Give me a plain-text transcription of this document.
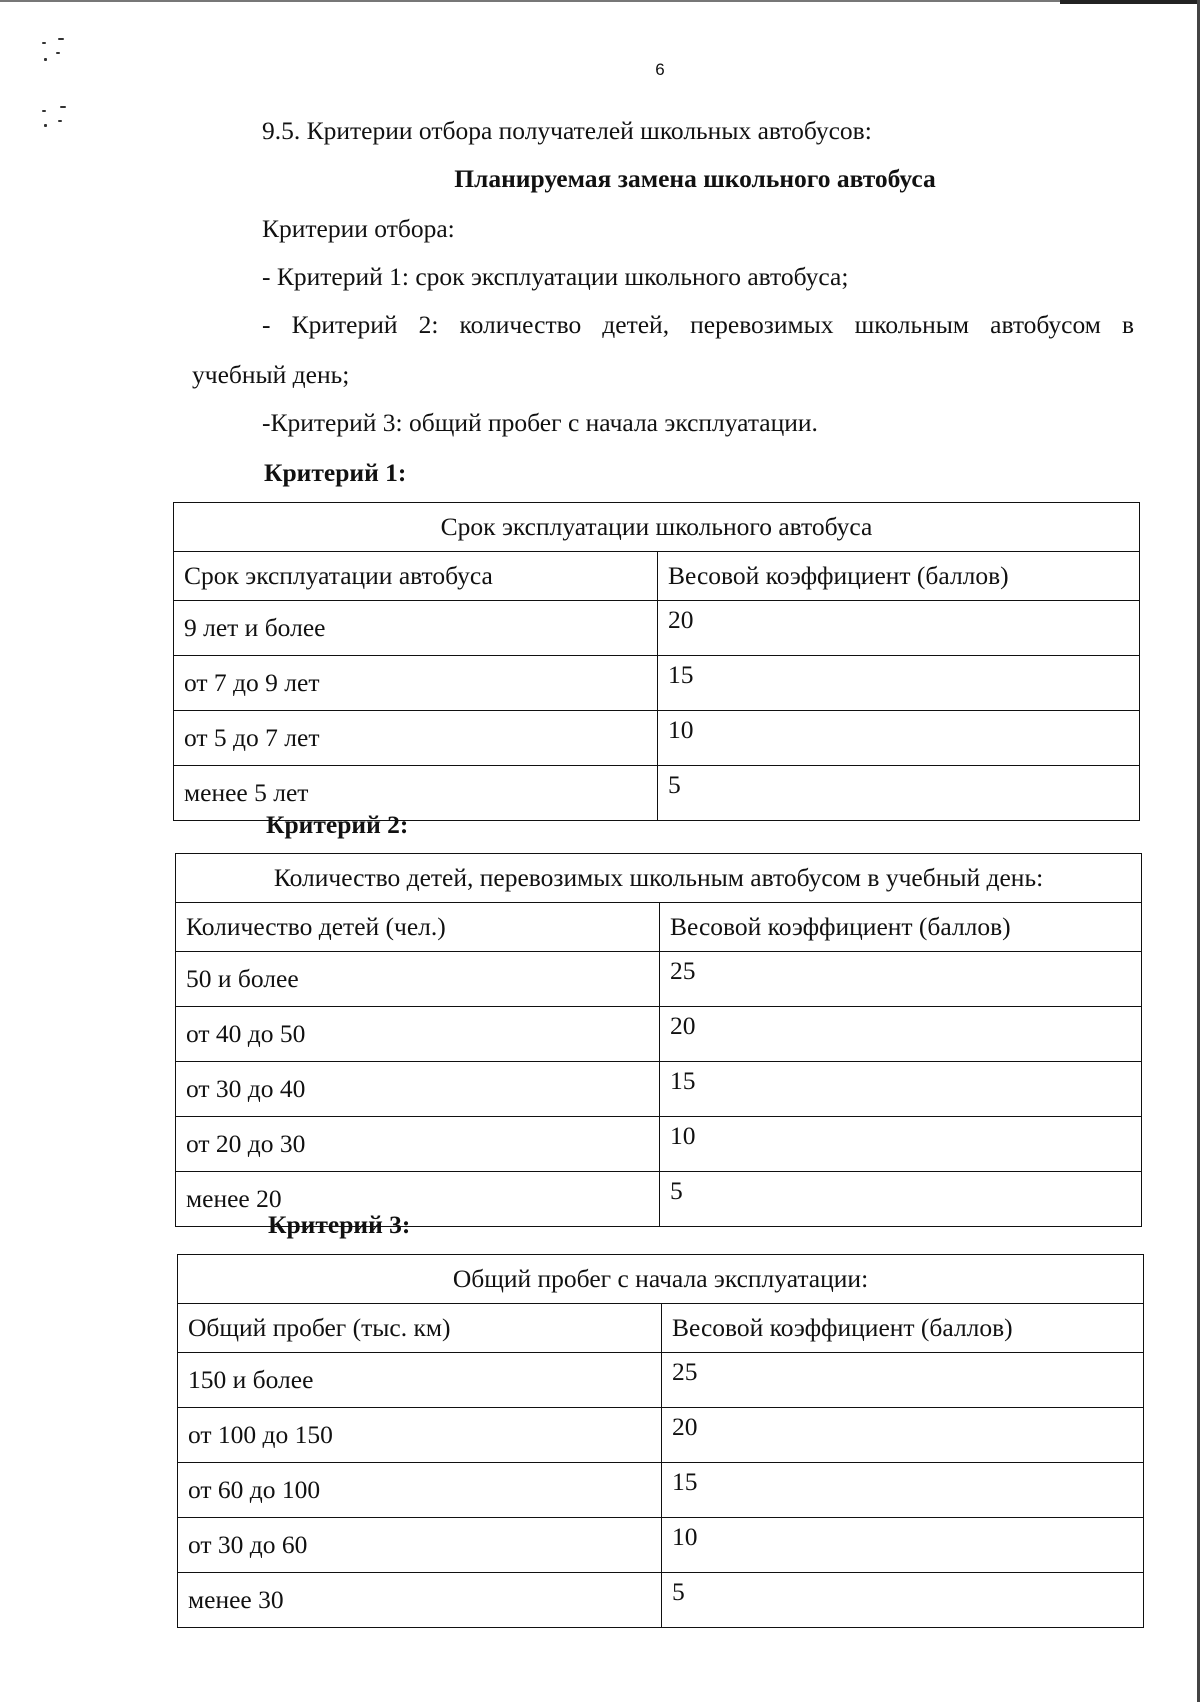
6
9.5. Критерии отбора получателей школьных автобусов:
Планируемая замена школьного автобуса
Критерии отбора:
- Критерий 1: срок эксплуатации школьного автобуса;
- Критерий 2: количество детей, перевозимых школьным автобусом в
учебный день;
-Критерий 3: общий пробег с начала эксплуатации.
Критерий 1:
Срок эксплуатации школьного автобуса	
Срок эксплуатации автобуса	Весовой коэффициент (баллов)
9 лет и более	20
от 7 до 9 лет	15
от 5 до 7 лет	10
менее 5 лет	5
Критерий 2:
Количество детей, перевозимых школьным автобусом в учебный день:	
Количество детей (чел.)	Весовой коэффициент (баллов)
50 и более	25
от 40 до 50	20
от 30 до 40	15
от 20 до 30	10
менее 20	5
Критерий 3:
Общий пробег с начала эксплуатации:	
Общий пробег (тыс. км)	Весовой коэффициент (баллов)
150 и более	25
от 100 до 150	20
от 60 до 100	15
от 30 до 60	10
менее 30	5
